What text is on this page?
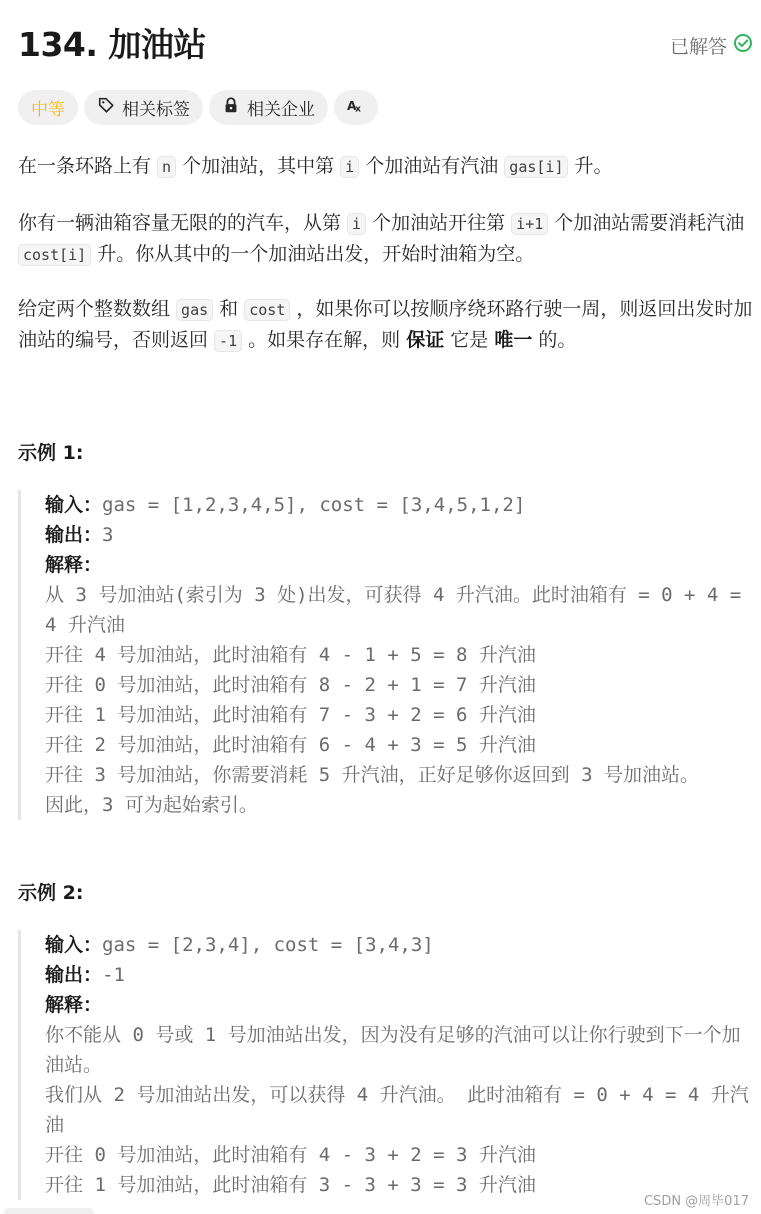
134. 加油站	已解答
中等	相关标签	相关企业 A
x
在一条环路上有 n 个加油站，其中第 i 个加油站有汽油 gas[i] 升。
你有一辆油箱容量无限的的汽车，从第 i 个加油站开往第 i+1 个加油站需要消耗汽油 cost[i] 升。你从其中的一个加油站出发，开始时油箱为空。
给定两个整数数组 gas 和 cost ，如果你可以按顺序绕环路行驶一周，则返回出发时加油站的编号，否则返回 -1 。如果存在解，则 保证 它是 唯一 的。
示例 1:
输入：gas = [1,2,3,4,5], cost = [3,4,5,1,2]
输出：3
解释：
从 3 号加油站(索引为 3 处)出发，可获得 4 升汽油。此时油箱有 = 0 + 4 = 4 升汽油
开往 4 号加油站，此时油箱有 4 - 1 + 5 = 8 升汽油
开往 0 号加油站，此时油箱有 8 - 2 + 1 = 7 升汽油
开往 1 号加油站，此时油箱有 7 - 3 + 2 = 6 升汽油
开往 2 号加油站，此时油箱有 6 - 4 + 3 = 5 升汽油
开往 3 号加油站，你需要消耗 5 升汽油，正好足够你返回到 3 号加油站。
因此，3 可为起始索引。
示例 2:
输入：gas = [2,3,4], cost = [3,4,3]
输出：-1
解释：
你不能从 0 号或 1 号加油站出发，因为没有足够的汽油可以让你行驶到下一个加油站。
我们从 2 号加油站出发，可以获得 4 升汽油。 此时油箱有 = 0 + 4 = 4 升汽油
开往 0 号加油站，此时油箱有 4 - 3 + 2 = 3 升汽油
开往 1 号加油站，此时油箱有 3 - 3 + 3 = 3 升汽油
CSDN @周毕017
